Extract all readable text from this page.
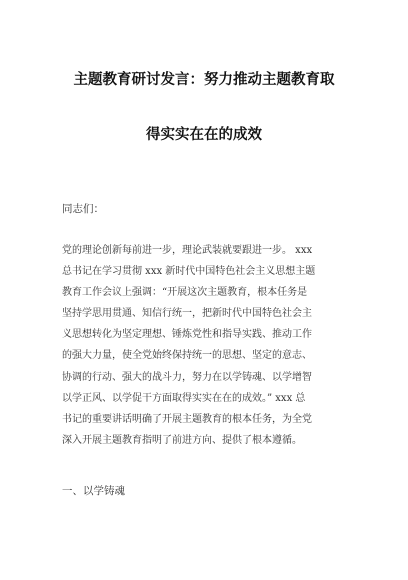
主题教育研讨发言：努力推动主题教育取
得实实在在的成效

同志们：

党的理论创新每前进一步，理论武装就要跟进一步。 xxx
总书记在学习贯彻 xxx 新时代中国特色社会主义思想主题
教育工作会议上强调：“开展这次主题教育，根本任务是
坚持学思用贯通、知信行统一，把新时代中国特色社会主
义思想转化为坚定理想、锤炼党性和指导实践、推动工作
的强大力量，使全党始终保持统一的思想、坚定的意志、
协调的行动、强大的战斗力，努力在以学铸魂、以学增智
以学正风、以学促干方面取得实实在在的成效。” xxx 总
书记的重要讲话明确了开展主题教育的根本任务，为全党
深入开展主题教育指明了前进方向、提供了根本遵循。

一、以学铸魂
